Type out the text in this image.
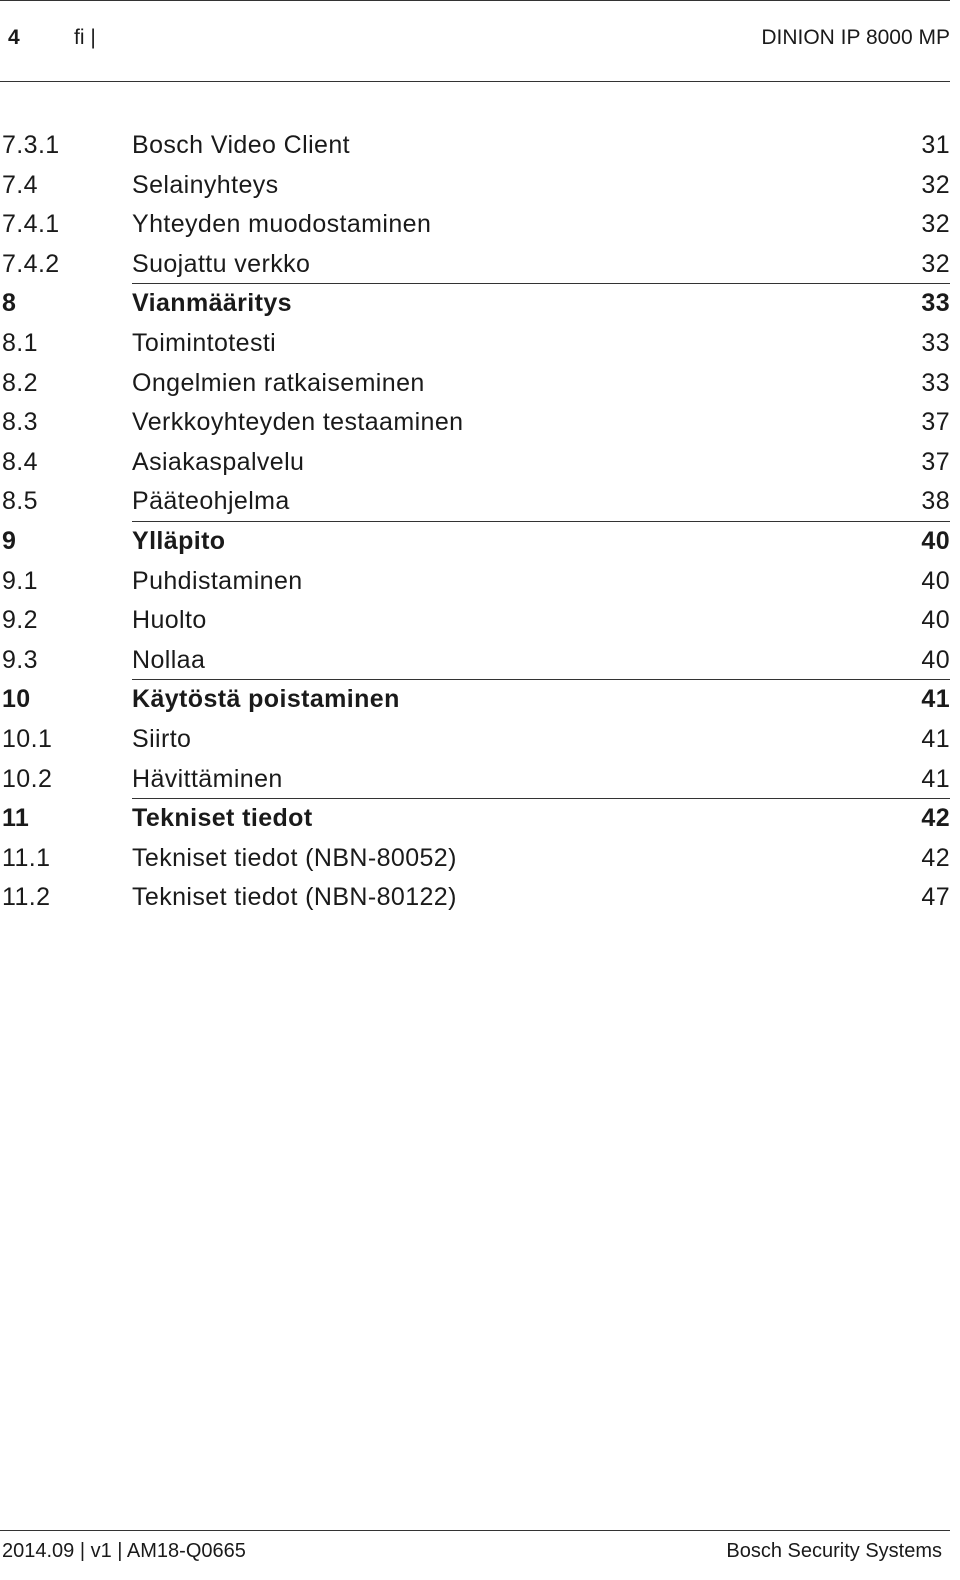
4	fi |	DINION IP 8000 MP
7.3.1	Bosch Video Client	31
7.4	Selainyhteys	32
7.4.1	Yhteyden muodostaminen	32
7.4.2	Suojattu verkko	32
8	Vianmääritys	33
8.1	Toimintotesti	33
8.2	Ongelmien ratkaiseminen	33
8.3	Verkkoyhteyden testaaminen	37
8.4	Asiakaspalvelu	37
8.5	Pääteohjelma	38
9	Ylläpito	40
9.1	Puhdistaminen	40
9.2	Huolto	40
9.3	Nollaa	40
10	Käytöstä poistaminen	41
10.1	Siirto	41
10.2	Hävittäminen	41
11	Tekniset tiedot	42
11.1	Tekniset tiedot (NBN-80052)	42
11.2	Tekniset tiedot (NBN-80122)	47
2014.09 | v1 | AM18-Q0665	Bosch Security Systems
